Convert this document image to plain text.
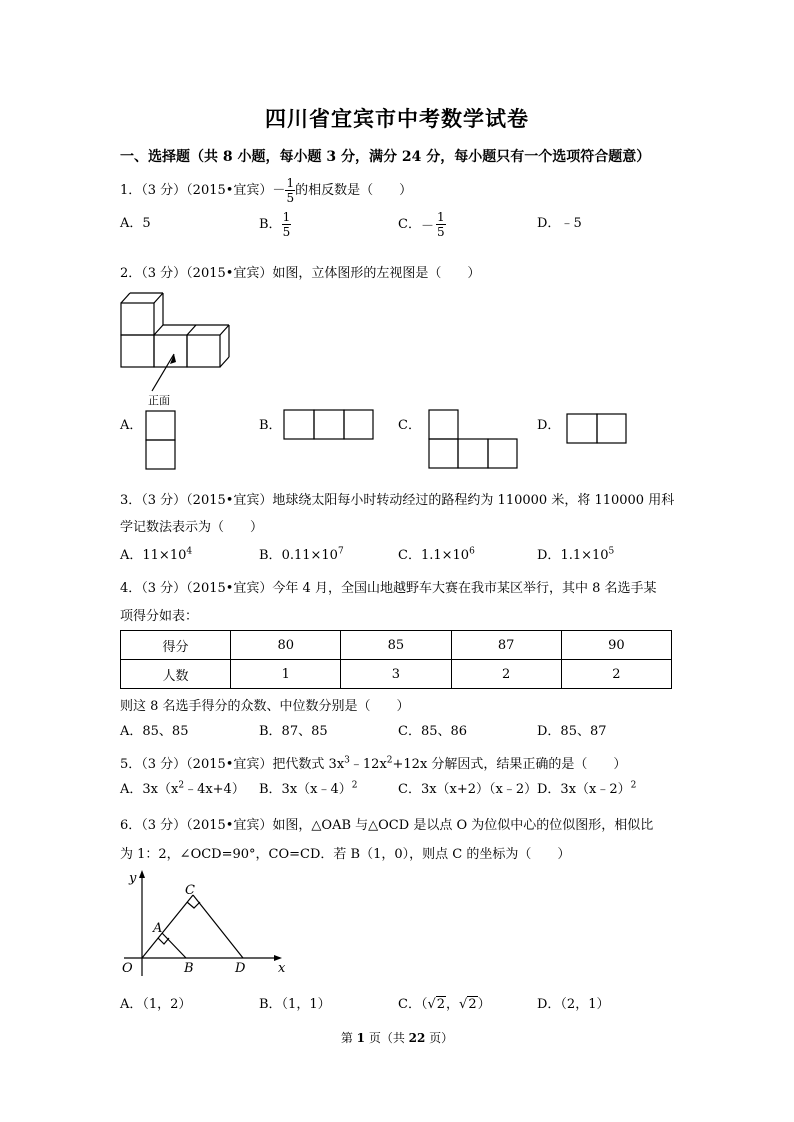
四川省宜宾市中考数学试卷
一、选择题（共 8 小题，每小题 3 分，满分 24 分，每小题只有一个选项符合题意）
1．（3 分）（2015•宜宾）－ $\frac{1}{5}$ 的相反数是（　　）
A．5	B． $\frac{1}{5}$	C．－ $\frac{1}{5}$	D．﹣5
2．（3 分）（2015•宜宾）如图，立体图形的左视图是（　　）
正面
A．	B．	C．	D．
3．（3 分）（2015•宜宾）地球绕太阳每小时转动经过的路程约为 110000 米，将 110000 用科
学记数法表示为（　　）
A．$11\times 10^4$	B．$0.11\times 10^7$	C．$1.1\times 10^6$	D．$1.1\times 10^5$
4．（3 分）（2015•宜宾）今年 4 月，全国山地越野车大赛在我市某区举行，其中 8 名选手某
项得分如表：
得分	80	85	87	90
人数	1	3	2	2
则这 8 名选手得分的众数、中位数分别是（　　）
A．85、85	B．87、85	C．85、86	D．85、87
5．（3 分）（2015•宜宾）把代数式 $3x^3﹣12x^2+12x$ 分解因式，结果正确的是（　　）
A．$3x(x^2﹣4x+4)$ B．3x（x﹣4）$^2$	C．3x（x+2）（x﹣2） D．3x（x﹣2）$^2$
6．（3 分）（2015•宜宾）如图，△OAB 与△OCD 是以点 O 为位似中心的位似图形，相似比
为 1：2，∠OCD=90°，CO=CD．若 B（1，0），则点 C 的坐标为（　　）
y
x
O
A
B
C
D
A．（1，2）	B．（1，1）	C．（√2，√2）	D．（2，1）
第 1 页（共 22 页）
